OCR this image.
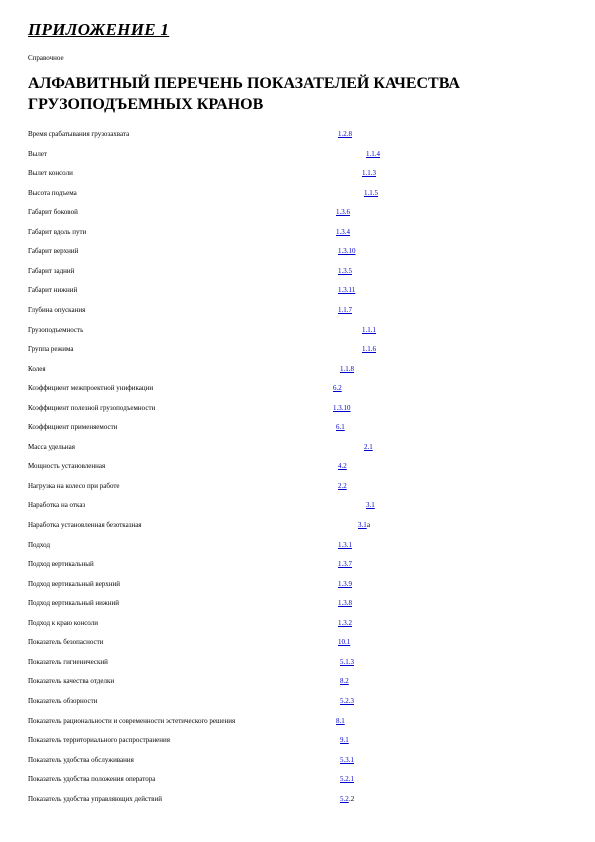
ПРИЛОЖЕНИЕ 1
Справочное
АЛФАВИТНЫЙ ПЕРЕЧЕНЬ ПОКАЗАТЕЛЕЙ КАЧЕСТВА ГРУЗОПОДЪЕМНЫХ КРАНОВ
Время срабатывания грузозахвата	1.2.8
Вылет	1.1.4
Вылет консоли	1.1.3
Высота подъема	1.1.5
Габарит боковой	1.3.6
Габарит вдоль пути	1.3.4
Габарит верхний	1.3.10
Габарит задний	1.3.5
Габарит нижний	1.3.11
Глубина опускания	1.1.7
Грузоподъемность	1.1.1
Группа режима	1.1.6
Колея	1.1.8
Коэффициент межпроектной унификации	6.2
Коэффициент полезной грузоподъемности	1.3.10
Коэффициент применяемости	6.1
Масса удельная	2.1
Мощность установленная	4.2
Нагрузка на колесо при работе	2.2
Наработка на отказ	3.1
Наработка установленная безотказная	3.1 а
Подход	1.3.1
Подход вертикальный	1.3.7
Подход вертикальный верхний	1.3.9
Подход вертикальный нижний	1.3.8
Подход к краю консоли	1.3.2
Показатель безопасности	10.1
Показатель гигиенический	5.1.3
Показатель качества отделки	8.2
Показатель обзорности	5.2.3
Показатель рациональности и современности эстетического решения	8.1
Показатель территориального распространения	9.1
Показатель удобства обслуживания	5.3.1
Показатель удобства положения оператора	5.2.1
Показатель удобства управляющих действий	5.2 .2
